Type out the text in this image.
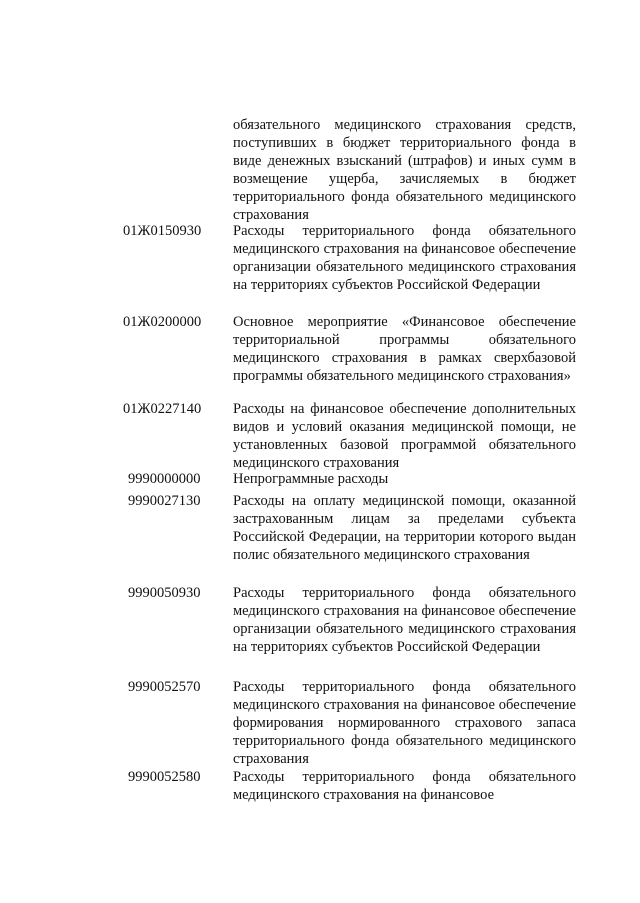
обязательного медицинского страхования средств, поступивших в бюджет территориального фонда в виде денежных взысканий (штрафов) и иных сумм в возмещение ущерба, зачисляемых в бюджет территориального фонда обязательного медицинского страхования
01Ж0150930 Расходы территориального фонда обязательного медицинского страхования на финансовое обеспечение организации обязательного медицинского страхования на территориях субъектов Российской Федерации
01Ж0200000 Основное мероприятие «Финансовое обеспечение территориальной программы обязательного медицинского страхования в рамках сверхбазовой программы обязательного медицинского страхования»
01Ж0227140 Расходы на финансовое обеспечение дополнительных видов и условий оказания медицинской помощи, не установленных базовой программой обязательного медицинского страхования
9990000000 Непрограммные расходы
9990027130 Расходы на оплату медицинской помощи, оказанной застрахованным лицам за пределами субъекта Российской Федерации, на территории которого выдан полис обязательного медицинского страхования
9990050930 Расходы территориального фонда обязательного медицинского страхования на финансовое обеспечение организации обязательного медицинского страхования на территориях субъектов Российской Федерации
9990052570 Расходы территориального фонда обязательного медицинского страхования на финансовое обеспечение формирования нормированного страхового запаса территориального фонда обязательного медицинского страхования
9990052580 Расходы территориального фонда обязательного медицинского страхования на финансовое
